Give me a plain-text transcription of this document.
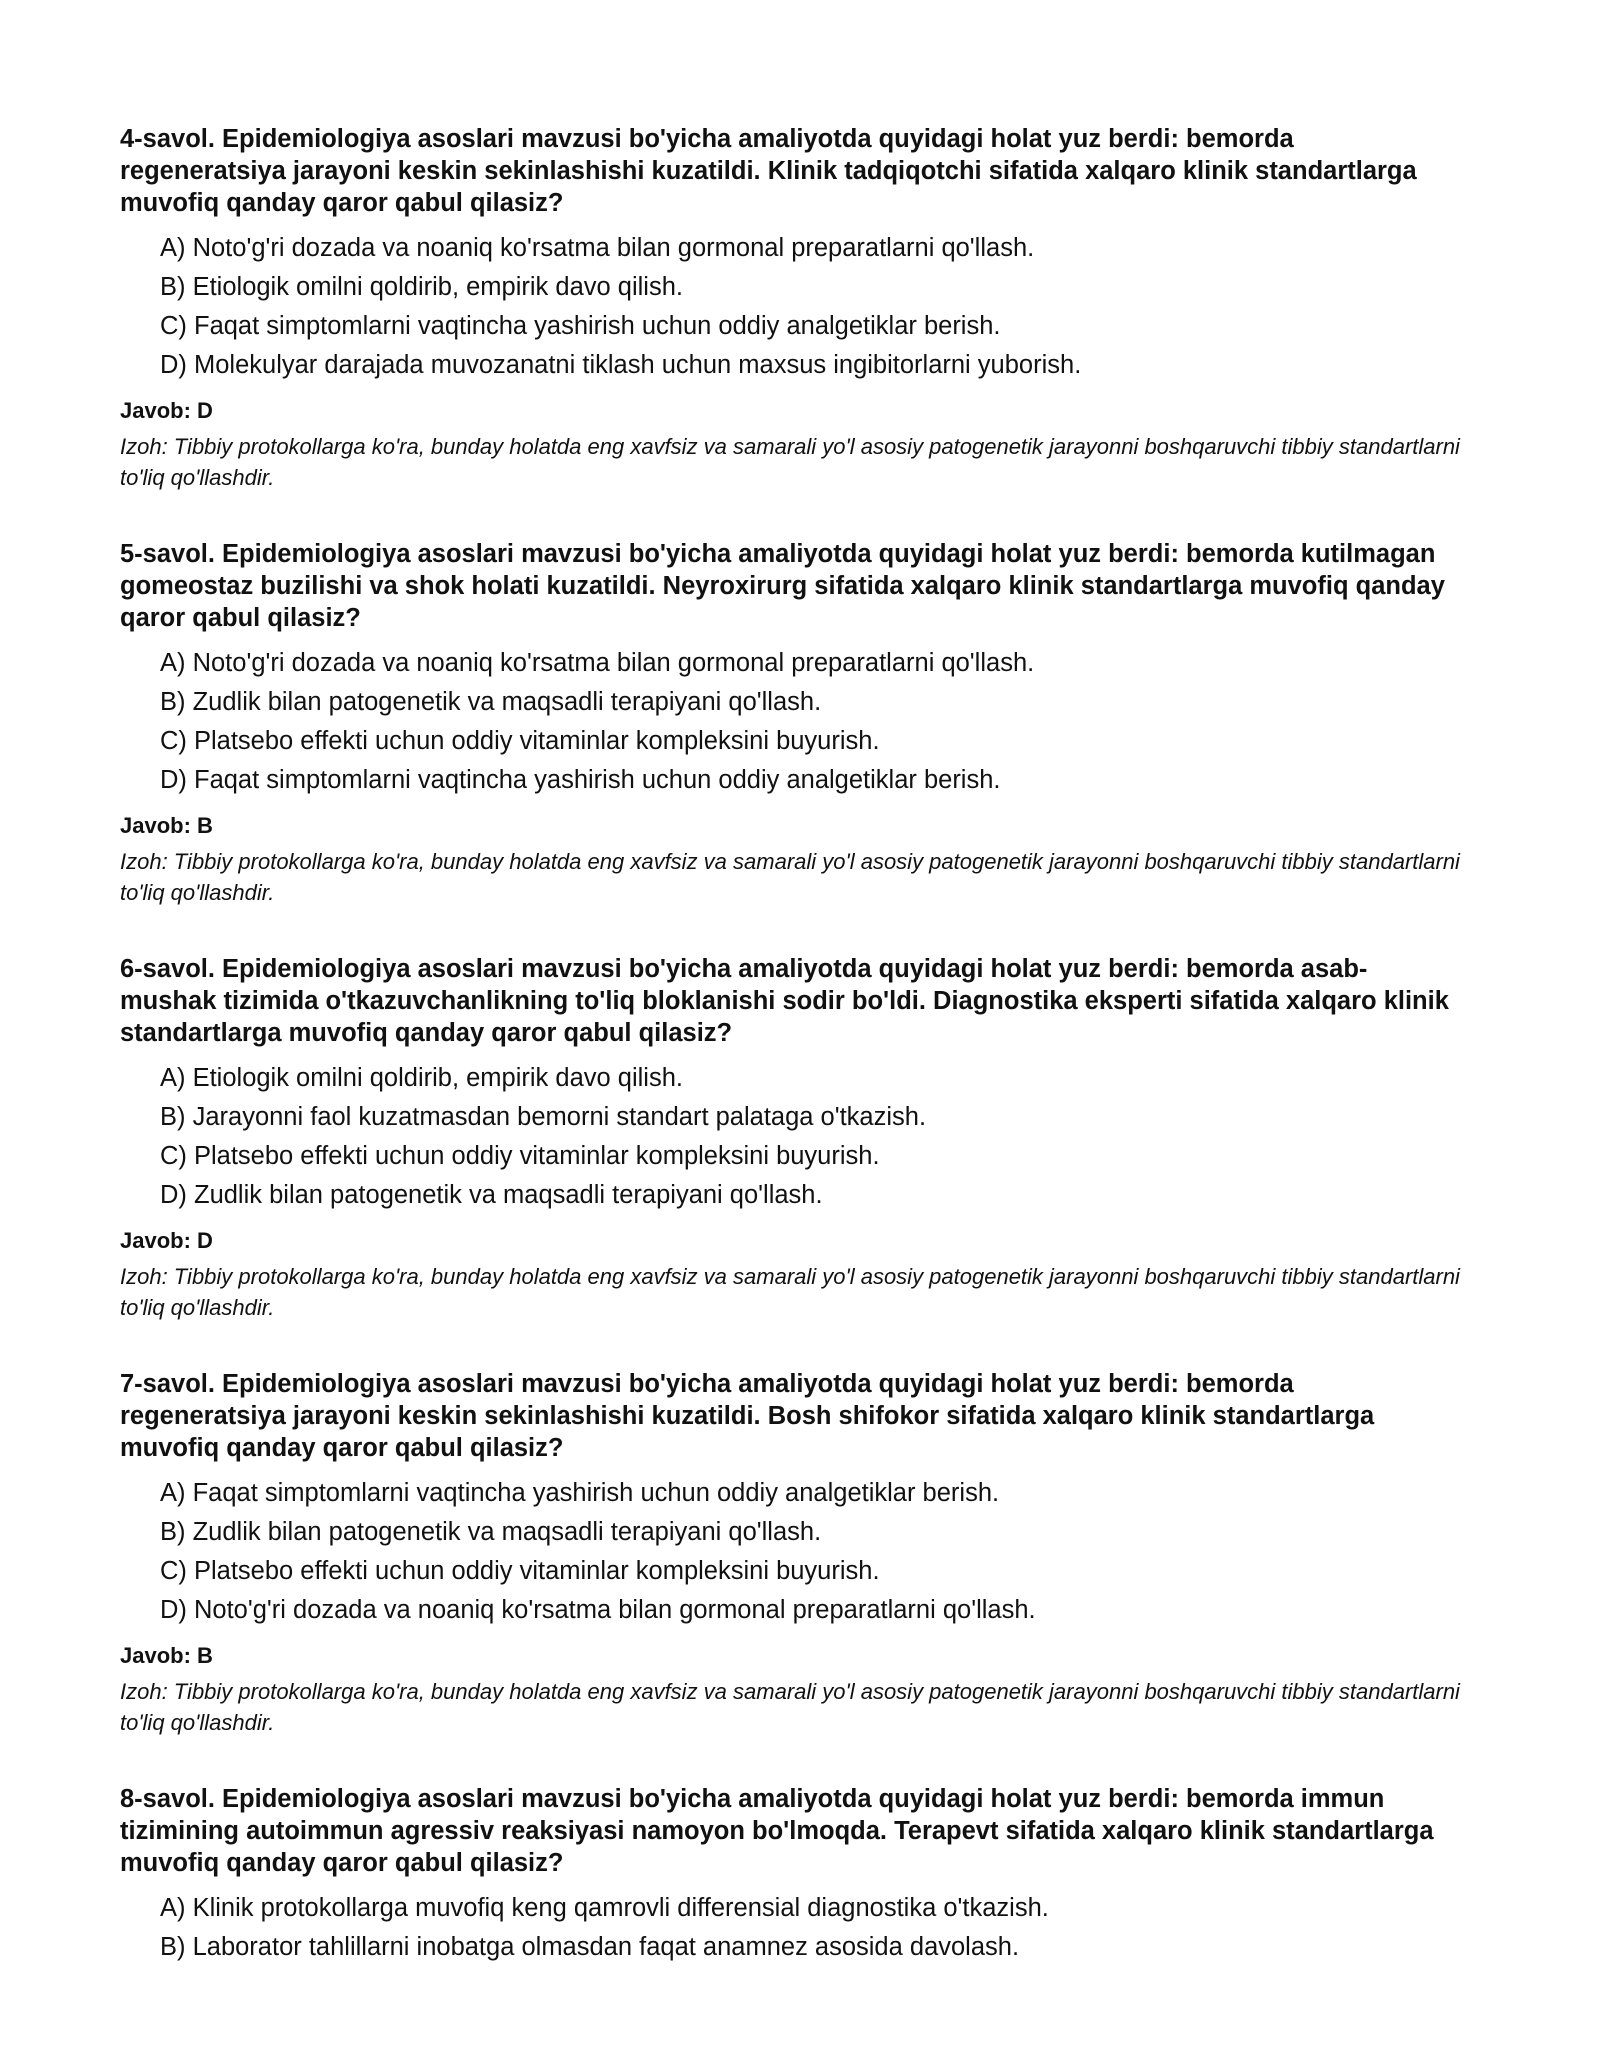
4-savol. Epidemiologiya asoslari mavzusi bo'yicha amaliyotda quyidagi holat yuz berdi: bemorda regeneratsiya jarayoni keskin sekinlashishi kuzatildi. Klinik tadqiqotchi sifatida xalqaro klinik standartlarga muvofiq qanday qaror qabul qilasiz?

A) Noto'g'ri dozada va noaniq ko'rsatma bilan gormonal preparatlarni qo'llash.
B) Etiologik omilni qoldirib, empirik davo qilish.
C) Faqat simptomlarni vaqtincha yashirish uchun oddiy analgetiklar berish.
D) Molekulyar darajada muvozanatni tiklash uchun maxsus ingibitorlarni yuborish.
Javob: D

Izoh: Tibbiy protokollarga ko'ra, bunday holatda eng xavfsiz va samarali yo'l asosiy patogenetik jarayonni boshqaruvchi tibbiy standartlarni to'liq qo'llashdir.

5-savol. Epidemiologiya asoslari mavzusi bo'yicha amaliyotda quyidagi holat yuz berdi: bemorda kutilmagan gomeostaz buzilishi va shok holati kuzatildi. Neyroxirurg sifatida xalqaro klinik standartlarga muvofiq qanday qaror qabul qilasiz?

A) Noto'g'ri dozada va noaniq ko'rsatma bilan gormonal preparatlarni qo'llash.
B) Zudlik bilan patogenetik va maqsadli terapiyani qo'llash.
C) Platsebo effekti uchun oddiy vitaminlar kompleksini buyurish.
D) Faqat simptomlarni vaqtincha yashirish uchun oddiy analgetiklar berish.
Javob: B

Izoh: Tibbiy protokollarga ko'ra, bunday holatda eng xavfsiz va samarali yo'l asosiy patogenetik jarayonni boshqaruvchi tibbiy standartlarni to'liq qo'llashdir.

6-savol. Epidemiologiya asoslari mavzusi bo'yicha amaliyotda quyidagi holat yuz berdi: bemorda asab-mushak tizimida o'tkazuvchanlikning to'liq bloklanishi sodir bo'ldi. Diagnostika eksperti sifatida xalqaro klinik standartlarga muvofiq qanday qaror qabul qilasiz?

A) Etiologik omilni qoldirib, empirik davo qilish.
B) Jarayonni faol kuzatmasdan bemorni standart palataga o'tkazish.
C) Platsebo effekti uchun oddiy vitaminlar kompleksini buyurish.
D) Zudlik bilan patogenetik va maqsadli terapiyani qo'llash.
Javob: D

Izoh: Tibbiy protokollarga ko'ra, bunday holatda eng xavfsiz va samarali yo'l asosiy patogenetik jarayonni boshqaruvchi tibbiy standartlarni to'liq qo'llashdir.

7-savol. Epidemiologiya asoslari mavzusi bo'yicha amaliyotda quyidagi holat yuz berdi: bemorda regeneratsiya jarayoni keskin sekinlashishi kuzatildi. Bosh shifokor sifatida xalqaro klinik standartlarga muvofiq qanday qaror qabul qilasiz?

A) Faqat simptomlarni vaqtincha yashirish uchun oddiy analgetiklar berish.
B) Zudlik bilan patogenetik va maqsadli terapiyani qo'llash.
C) Platsebo effekti uchun oddiy vitaminlar kompleksini buyurish.
D) Noto'g'ri dozada va noaniq ko'rsatma bilan gormonal preparatlarni qo'llash.
Javob: B

Izoh: Tibbiy protokollarga ko'ra, bunday holatda eng xavfsiz va samarali yo'l asosiy patogenetik jarayonni boshqaruvchi tibbiy standartlarni to'liq qo'llashdir.

8-savol. Epidemiologiya asoslari mavzusi bo'yicha amaliyotda quyidagi holat yuz berdi: bemorda immun tizimining autoimmun agressiv reaksiyasi namoyon bo'lmoqda. Terapevt sifatida xalqaro klinik standartlarga muvofiq qanday qaror qabul qilasiz?

A) Klinik protokollarga muvofiq keng qamrovli differensial diagnostika o'tkazish.
B) Laborator tahlillarni inobatga olmasdan faqat anamnez asosida davolash.
